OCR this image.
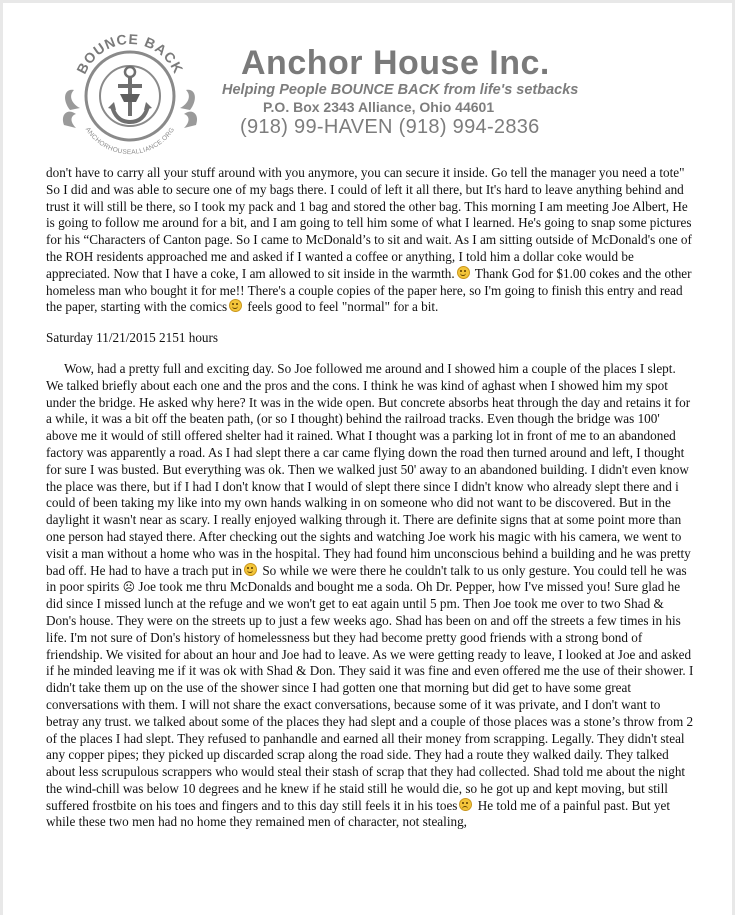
BOUNCE BACK
ANCHORHOUSEALLIANCE.ORG
Anchor House Inc.
Helping People BOUNCE BACK from life's setbacks
P.O. Box 2343 Alliance, Ohio 44601
(918) 99-HAVEN (918) 994-2836

don't have to carry all your stuff around with you anymore, you can secure it inside. Go tell the manager you need a tote" So I did and was able to secure one of my bags there. I could of left it all there, but It's hard to leave anything behind and trust it will still be there, so I took my pack and 1 bag and stored the other bag. This morning I am meeting Joe Albert, He is going to follow me around for a bit, and I am going to tell him some of what I learned. He's going to snap some pictures for his “Characters of Canton page. So I came to McDonald’s to sit and wait. As I am sitting outside of McDonald's one of the ROH residents approached me and asked if I wanted a coffee or anything, I told him a dollar coke would be appreciated. Now that I have a coke, I am allowed to sit inside in the warmth. Thank God for $1.00 cokes and the other homeless man who bought it for me!! There's a couple copies of the paper here, so I'm going to finish this entry and read the paper, starting with the comics feels good to feel "normal" for a bit.

Saturday 11/21/2015 2151 hours

Wow, had a pretty full and exciting day. So Joe followed me around and I showed him a couple of the places I slept. We talked briefly about each one and the pros and the cons. I think he was kind of aghast when I showed him my spot under the bridge. He asked why here? It was in the wide open. But concrete absorbs heat through the day and retains it for a while, it was a bit off the beaten path, (or so I thought) behind the railroad tracks. Even though the bridge was 100' above me it would of still offered shelter had it rained. What I thought was a parking lot in front of me to an abandoned factory was apparently a road. As I had slept there a car came flying down the road then turned around and left, I thought for sure I was busted. But everything was ok. Then we walked just 50' away to an abandoned building. I didn't even know the place was there, but if I had I don't know that I would of slept there since I didn't know who already slept there and i could of been taking my like into my own hands walking in on someone who did not want to be discovered. But in the daylight it wasn't near as scary. I really enjoyed walking through it. There are definite signs that at some point more than one person had stayed there. After checking out the sights and watching Joe work his magic with his camera, we went to visit a man without a home who was in the hospital. They had found him unconscious behind a building and he was pretty bad off. He had to have a trach put in So while we were there he couldn't talk to us only gesture. You could tell he was in poor spirits ☹ Joe took me thru McDonalds and bought me a soda. Oh Dr. Pepper, how I've missed you! Sure glad he did since I missed lunch at the refuge and we won't get to eat again until 5 pm. Then Joe took me over to two Shad & Don's house. They were on the streets up to just a few weeks ago. Shad has been on and off the streets a few times in his life. I'm not sure of Don's history of homelessness but they had become pretty good friends with a strong bond of friendship. We visited for about an hour and Joe had to leave. As we were getting ready to leave, I looked at Joe and asked if he minded leaving me if it was ok with Shad & Don. They said it was fine and even offered me the use of their shower. I didn't take them up on the use of the shower since I had gotten one that morning but did get to have some great conversations with them. I will not share the exact conversations, because some of it was private, and I don't want to betray any trust. we talked about some of the places they had slept and a couple of those places was a stone’s throw from 2 of the places I had slept. They refused to panhandle and earned all their money from scrapping. Legally. They didn't steal any copper pipes; they picked up discarded scrap along the road side. They had a route they walked daily. They talked about less scrupulous scrappers who would steal their stash of scrap that they had collected. Shad told me about the night the wind-chill was below 10 degrees and he knew if he staid still he would die, so he got up and kept moving, but still suffered frostbite on his toes and fingers and to this day still feels it in his toes He told me of a painful past. But yet while these two men had no home they remained men of character, not stealing,
